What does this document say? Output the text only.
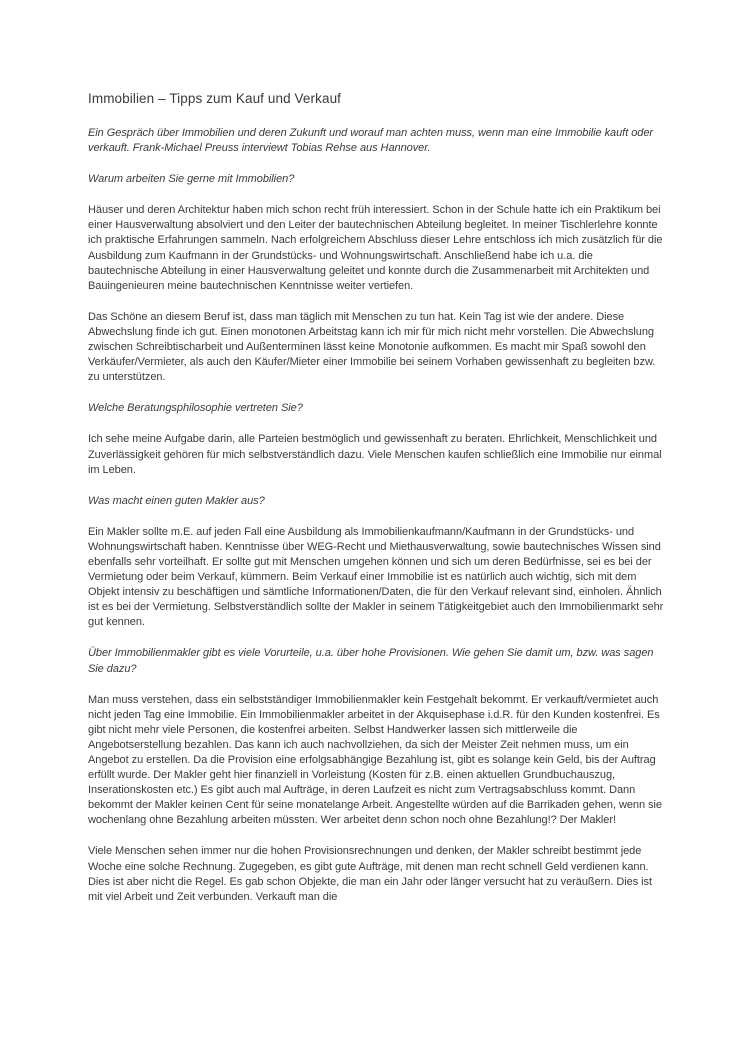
Immobilien – Tipps zum Kauf und Verkauf

Ein Gespräch über Immobilien und deren Zukunft und worauf man achten muss, wenn man eine Immobilie kauft oder verkauft. Frank-Michael Preuss interviewt Tobias Rehse aus Hannover.

Warum arbeiten Sie gerne mit Immobilien?

Häuser und deren Architektur haben mich schon recht früh interessiert. Schon in der Schule hatte ich ein Praktikum bei einer Hausverwaltung absolviert und den Leiter der bautechnischen Abteilung begleitet. In meiner Tischlerlehre konnte ich praktische Erfahrungen sammeln. Nach erfolgreichem Abschluss dieser Lehre entschloss ich mich zusätzlich für die Ausbildung zum Kaufmann in der Grundstücks- und Wohnungswirtschaft. Anschließend habe ich u.a. die bautechnische Abteilung in einer Hausverwaltung geleitet und konnte durch die Zusammenarbeit mit Architekten und Bauingenieuren meine bautechnischen Kenntnisse weiter vertiefen.

Das Schöne an diesem Beruf ist, dass man täglich mit Menschen zu tun hat. Kein Tag ist wie der andere. Diese Abwechslung finde ich gut. Einen monotonen Arbeitstag kann ich mir für mich nicht mehr vorstellen. Die Abwechslung zwischen Schreibtischarbeit und Außenterminen lässt keine Monotonie aufkommen. Es macht mir Spaß sowohl den Verkäufer/Vermieter, als auch den Käufer/Mieter einer Immobilie bei seinem Vorhaben gewissenhaft zu begleiten bzw. zu unterstützen.

Welche Beratungsphilosophie vertreten Sie?

Ich sehe meine Aufgabe darin, alle Parteien bestmöglich und gewissenhaft zu beraten. Ehrlichkeit, Menschlichkeit und Zuverlässigkeit gehören für mich selbstverständlich dazu. Viele Menschen kaufen schließlich eine Immobilie nur einmal im Leben.

Was macht einen guten Makler aus?

Ein Makler sollte m.E. auf jeden Fall eine Ausbildung als Immobilienkaufmann/Kaufmann in der Grundstücks- und Wohnungswirtschaft haben. Kenntnisse über WEG-Recht und Miethausverwaltung, sowie bautechnisches Wissen sind ebenfalls sehr vorteilhaft. Er sollte gut mit Menschen umgehen können und sich um deren Bedürfnisse, sei es bei der Vermietung oder beim Verkauf, kümmern. Beim Verkauf einer Immobilie ist es natürlich auch wichtig, sich mit dem Objekt intensiv zu beschäftigen und sämtliche Informationen/Daten, die für den Verkauf relevant sind, einholen. Ähnlich ist es bei der Vermietung. Selbstverständlich sollte der Makler in seinem Tätigkeitgebiet auch den Immobilienmarkt sehr gut kennen.

Über Immobilienmakler gibt es viele Vorurteile, u.a. über hohe Provisionen. Wie gehen Sie damit um, bzw. was sagen Sie dazu?

Man muss verstehen, dass ein selbstständiger Immobilienmakler kein Festgehalt bekommt. Er verkauft/vermietet auch nicht jeden Tag eine Immobilie. Ein Immobilienmakler arbeitet in der Akquisephase i.d.R. für den Kunden kostenfrei. Es gibt nicht mehr viele Personen, die kostenfrei arbeiten. Selbst Handwerker lassen sich mittlerweile die Angebotserstellung bezahlen. Das kann ich auch nachvollziehen, da sich der Meister Zeit nehmen muss, um ein Angebot zu erstellen. Da die Provision eine erfolgsabhängige Bezahlung ist, gibt es solange kein Geld, bis der Auftrag erfüllt wurde. Der Makler geht hier finanziell in Vorleistung (Kosten für z.B. einen aktuellen Grundbuchauszug, Inserationskosten etc.) Es gibt auch mal Aufträge, in deren Laufzeit es nicht zum Vertragsabschluss kommt. Dann bekommt der Makler keinen Cent für seine monatelange Arbeit. Angestellte würden auf die Barrikaden gehen, wenn sie wochenlang ohne Bezahlung arbeiten müssten. Wer arbeitet denn schon noch ohne Bezahlung!? Der Makler!

Viele Menschen sehen immer nur die hohen Provisionsrechnungen und denken, der Makler schreibt bestimmt jede Woche eine solche Rechnung. Zugegeben, es gibt gute Aufträge, mit denen man recht schnell Geld verdienen kann. Dies ist aber nicht die Regel. Es gab schon Objekte, die man ein Jahr oder länger versucht hat zu veräußern. Dies ist mit viel Arbeit und Zeit verbunden. Verkauft man die
